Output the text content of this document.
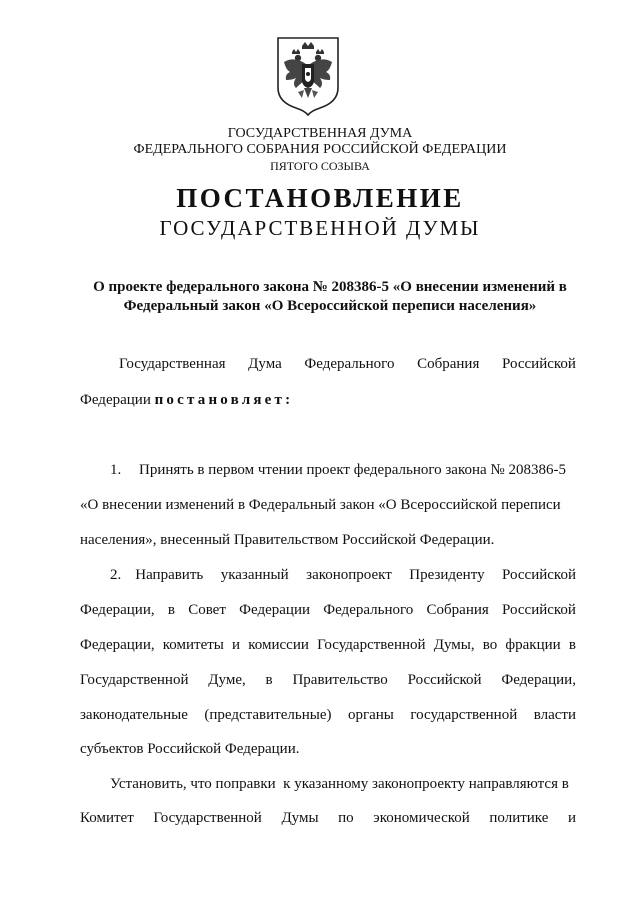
ГОСУДАРСТВЕННАЯ ДУМА
ФЕДЕРАЛЬНОГО СОБРАНИЯ РОССИЙСКОЙ ФЕДЕРАЦИИ
ПЯТОГО СОЗЫВА
ПОСТАНОВЛЕНИЕ
ГОСУДАРСТВЕННОЙ ДУМЫ
О проекте федерального закона № 208386-5 «О внесении изменений в
Федеральный закон «О Всероссийской переписи населения»
Государственная Дума Федерального Собрания Российской
Федерации постановляет:
1. Принять в первом чтении проект федерального закона № 208386-5
«О внесении изменений в Федеральный закон «О Всероссийской переписи
населения», внесенный Правительством Российской Федерации.
2. Направить указанный законопроект Президенту Российской
Федерации, в Совет Федерации Федерального Собрания Российской
Федерации, комитеты и комиссии Государственной Думы, во фракции в
Государственной Думе, в Правительство Российской Федерации,
законодательные (представительные) органы государственной власти
субъектов Российской Федерации.
Установить, что поправки  к указанному законопроекту направляются в
Комитет Государственной Думы по экономической политике и
